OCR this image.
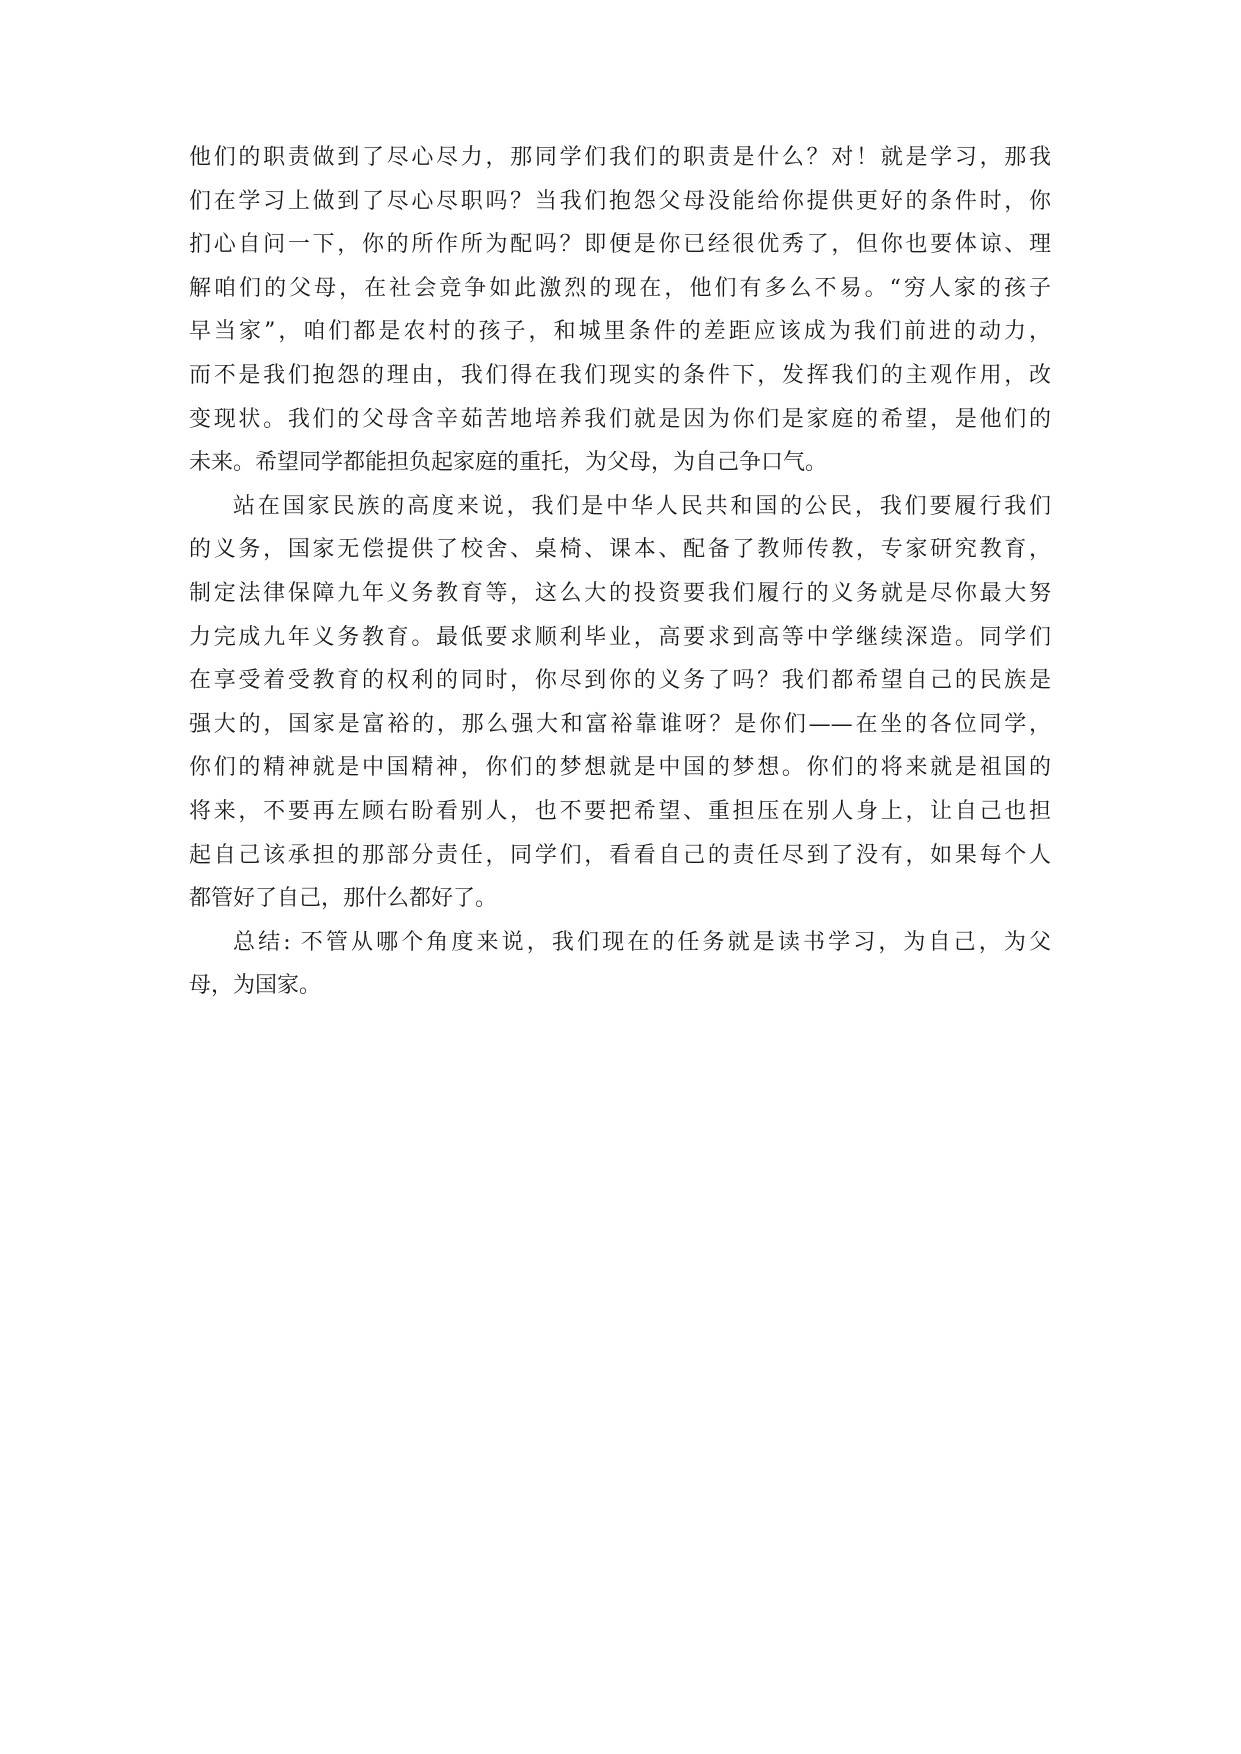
他们的职责做到了尽心尽力，那同学们我们的职责是什么？对！就是学习，那我
们在学习上做到了尽心尽职吗？当我们抱怨父母没能给你提供更好的条件时，你
扪心自问一下，你的所作所为配吗？即便是你已经很优秀了，但你也要体谅、理
解咱们的父母，在社会竞争如此激烈的现在，他们有多么不易。“穷人家的孩子
早当家”，咱们都是农村的孩子，和城里条件的差距应该成为我们前进的动力，
而不是我们抱怨的理由，我们得在我们现实的条件下，发挥我们的主观作用，改
变现状。我们的父母含辛茹苦地培养我们就是因为你们是家庭的希望，是他们的
未来。希望同学都能担负起家庭的重托，为父母，为自己争口气。
站在国家民族的高度来说，我们是中华人民共和国的公民，我们要履行我们
的义务，国家无偿提供了校舍、桌椅、课本、配备了教师传教，专家研究教育，
制定法律保障九年义务教育等，这么大的投资要我们履行的义务就是尽你最大努
力完成九年义务教育。最低要求顺利毕业，高要求到高等中学继续深造。同学们
在享受着受教育的权利的同时，你尽到你的义务了吗？我们都希望自己的民族是
强大的，国家是富裕的，那么强大和富裕靠谁呀？是你们——在坐的各位同学，
你们的精神就是中国精神，你们的梦想就是中国的梦想。你们的将来就是祖国的
将来，不要再左顾右盼看别人，也不要把希望、重担压在别人身上，让自己也担
起自己该承担的那部分责任，同学们，看看自己的责任尽到了没有，如果每个人
都管好了自己，那什么都好了。
总结: 不管从哪个角度来说，我们现在的任务就是读书学习，为自己，为父
母，为国家。
